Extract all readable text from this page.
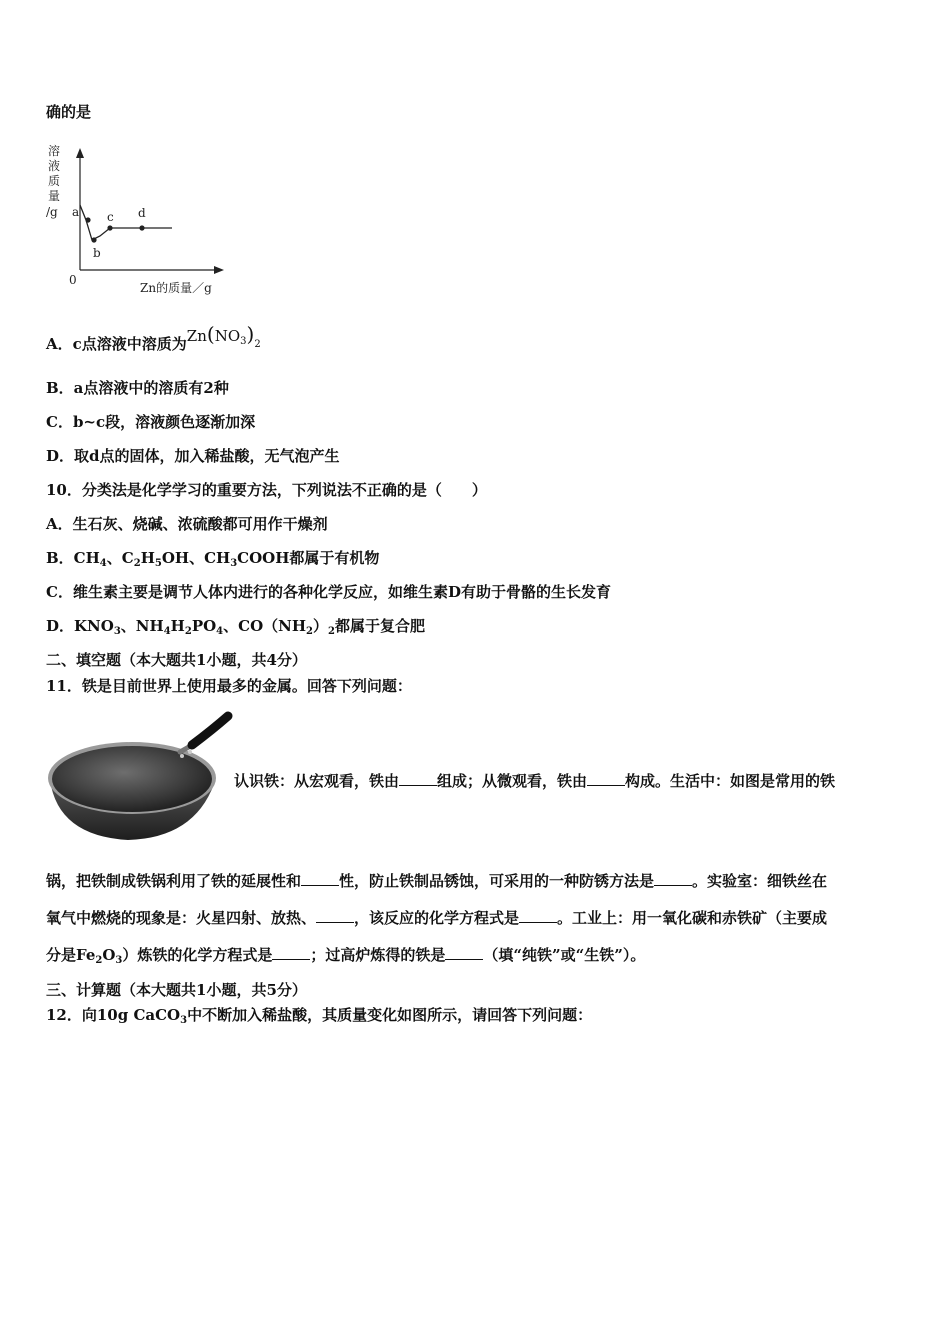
确的是
溶
液
质
量
/g
0
Zn的质量／g
a
b
c d
A．c点溶液中溶质为$Zn(NO_3)_2$
B．a点溶液中的溶质有2种
C．b~c段，溶液颜色逐渐加深
D．取d点的固体，加入稀盐酸，无气泡产生
10．分类法是化学学习的重要方法，下列说法不正确的是（　　）
A．生石灰、烧碱、浓硫酸都可用作干燥剂
B．$CH_4$、$C_2H_5OH$、$CH_3COOH$都属于有机物
C．维生素主要是调节人体内进行的各种化学反应，如维生素D有助于骨骼的生长发育
D．$KNO_3$、$NH_4H_2PO_4$、$CO(NH_2)_2$都属于复合肥
二、填空题（本大题共1小题，共4分）
11．铁是目前世界上使用最多的金属。回答下列问题：
认识铁：从宏观看，铁由	组成；从微观看，铁由	构成。生活中：如图是常用的铁
锅，把铁制成铁锅利用了铁的延展性和	性，防止铁制品锈蚀，可采用的一种防锈方法是	。实验室：细铁丝在
氧气中燃烧的现象是：火星四射、放热、	，该反应的化学方程式是	。工业上：用一氧化碳和赤铁矿（主要成
分是$Fe_2O_3$）炼铁的化学方程式是	；过高炉炼得的铁是	（填“纯铁”或“生铁”）。
三、计算题（本大题共1小题，共5分）
12．向10g CaCO$_3$中不断加入稀盐酸，其质量变化如图所示，请回答下列问题：
